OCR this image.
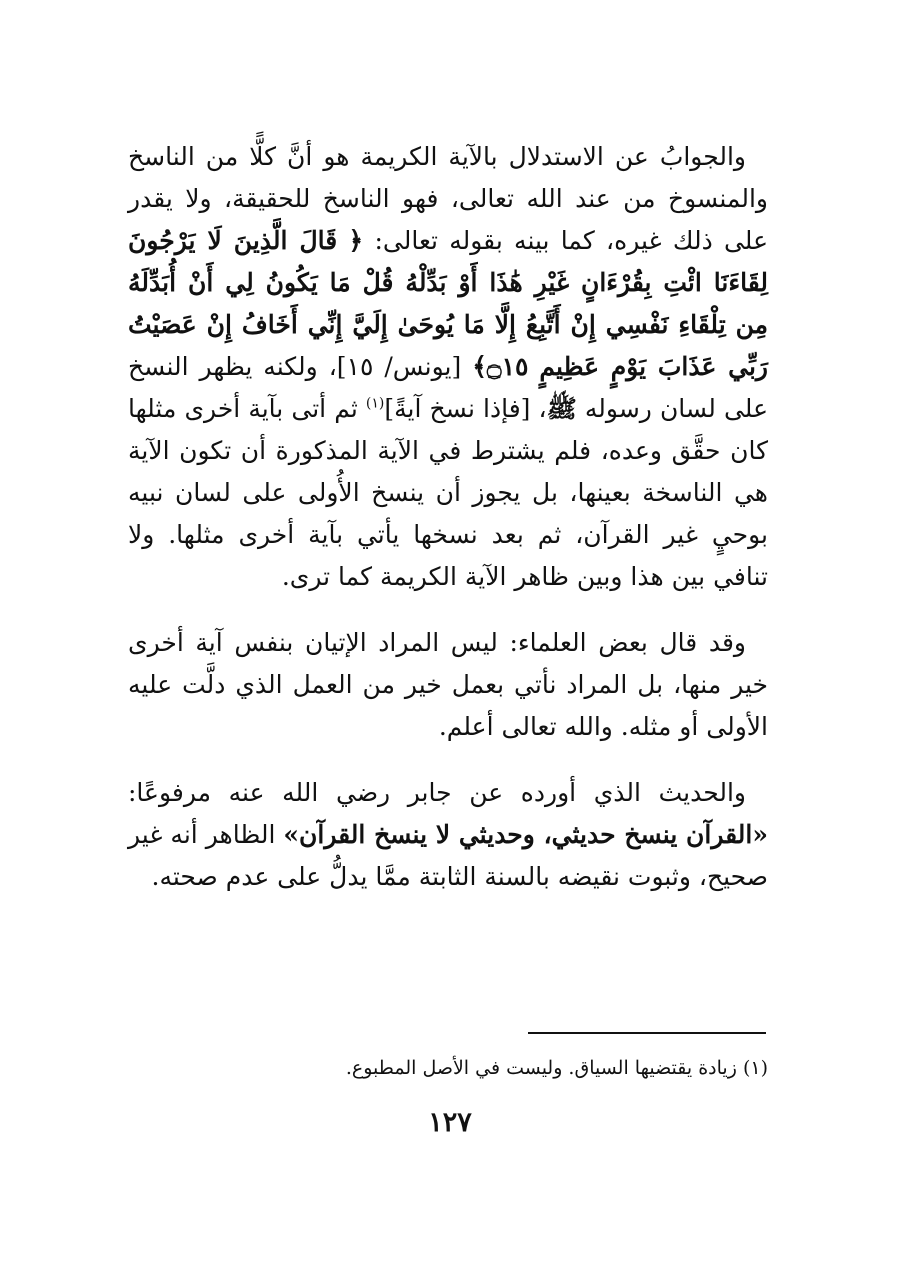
والجوابُ عن الاستدلال بالآية الكريمة هو أنَّ كلًّا من الناسخ والمنسوخ من عند الله تعالى، فهو الناسخ للحقيقة، ولا يقدر على ذلك غيره، كما بينه بقوله تعالى: ﴿ قَالَ الَّذِينَ لَا يَرْجُونَ لِقَاءَنَا ائْتِ بِقُرْءَانٍ غَيْرِ هَٰذَا أَوْ بَدِّلْهُ قُلْ مَا يَكُونُ لِي أَنْ أُبَدِّلَهُ مِن تِلْقَاءِ نَفْسِي إِنْ أَتَّبِعُ إِلَّا مَا يُوحَىٰ إِلَيَّ إِنِّي أَخَافُ إِنْ عَصَيْتُ رَبِّي عَذَابَ يَوْمٍ عَظِيمٍ ۝١٥﴾ [يونس/ ١٥]، ولكنه يظهر النسخ على لسان رسوله ﷺ، [فإذا نسخ آيةً]$^{(١)}$ ثم أتى بآية أخرى مثلها كان حقَّق وعده، فلم يشترط في الآية المذكورة أن تكون الآية هي الناسخة بعينها، بل يجوز أن ينسخ الأُولى على لسان نبيه بوحيٍ غير القرآن، ثم بعد نسخها يأتي بآية أخرى مثلها. ولا تنافي بين هذا وبين ظاهر الآية الكريمة كما ترى.

وقد قال بعض العلماء: ليس المراد الإتيان بنفس آية أخرى خير منها، بل المراد نأتي بعمل خير من العمل الذي دلَّت عليه الأولى أو مثله. والله تعالى أعلم.

والحديث الذي أورده عن جابر رضي الله عنه مرفوعًا: «القرآن ينسخ حديثي، وحديثي لا ينسخ القرآن» الظاهر أنه غير صحيح، وثبوت نقيضه بالسنة الثابتة ممَّا يدلُّ على عدم صحته.

(١) زيادة يقتضيها السياق. وليست في الأصل المطبوع.
١٢٧
